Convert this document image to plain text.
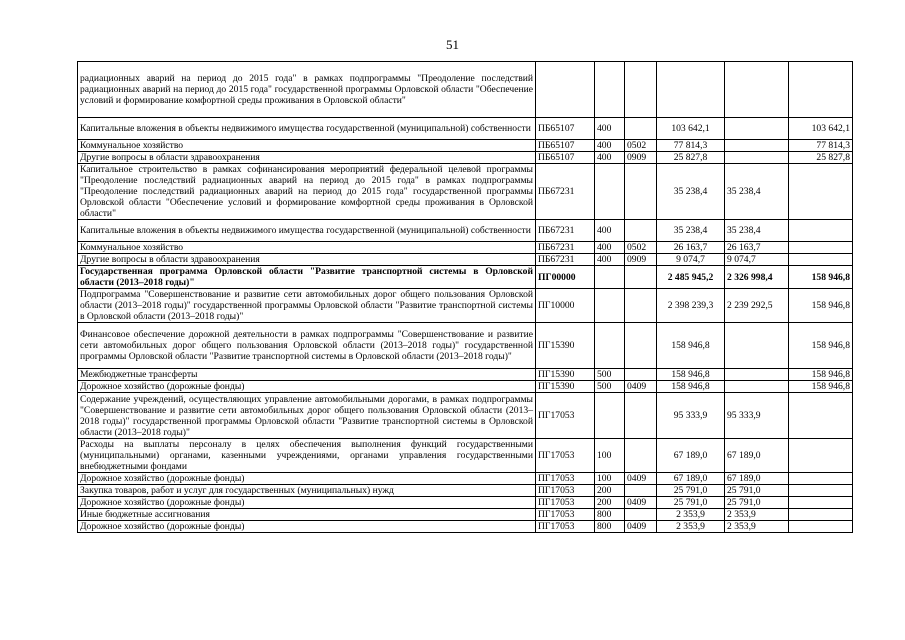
51
радиационных аварий на период до 2015 года" в рамках подпрограммы "Преодоление последствий радиационных аварий на период до 2015 года" государственной программы Орловской области "Обеспечение условий и формирование комфортной среды проживания в Орловской области"						
Капитальные вложения в объекты недвижимого имущества государственной (муниципальной) собственности	ПБ65107	400		103 642,1		103 642,1
Коммунальное хозяйство	ПБ65107	400	0502	77 814,3		77 814,3
Другие вопросы в области здравоохранения	ПБ65107	400	0909	25 827,8		25 827,8
Капитальное строительство в рамках софинансирования мероприятий федеральной целевой программы "Преодоление последствий радиационных аварий на период до 2015 года" в рамках подпрограммы "Преодоление последствий радиационных аварий на период до 2015 года" государственной программы Орловской области "Обеспечение условий и формирование комфортной среды проживания в Орловской области"	ПБ67231			35 238,4	35 238,4	
Капитальные вложения в объекты недвижимого имущества государственной (муниципальной) собственности	ПБ67231	400		35 238,4	35 238,4	
Коммунальное хозяйство	ПБ67231	400	0502	26 163,7	26 163,7	
Другие вопросы в области здравоохранения	ПБ67231	400	0909	9 074,7	9 074,7	
Государственная программа Орловской области "Развитие транспортной системы в Орловской области (2013–2018 годы)"	ПГ00000			2 485 945,2	2 326 998,4	158 946,8
Подпрограмма "Совершенствование и развитие сети автомобильных дорог общего пользования Орловской области (2013–2018 годы)" государственной программы Орловской области "Развитие транспортной системы в Орловской области (2013–2018 годы)"	ПГ10000			2 398 239,3	2 239 292,5	158 946,8
Финансовое обеспечение дорожной деятельности в рамках подпрограммы "Совершенствование и развитие сети автомобильных дорог общего пользования Орловской области (2013–2018 годы)" государственной программы Орловской области "Развитие транспортной системы в Орловской области (2013–2018 годы)"	ПГ15390			158 946,8		158 946,8
Межбюджетные трансферты	ПГ15390	500		158 946,8		158 946,8
Дорожное хозяйство (дорожные фонды)	ПГ15390	500	0409	158 946,8		158 946,8
Содержание учреждений, осуществляющих управление автомобильными дорогами, в рамках подпрограммы "Совершенствование и развитие сети автомобильных дорог общего пользования Орловской области (2013–2018 годы)" государственной программы Орловской области "Развитие транспортной системы в Орловской области (2013–2018 годы)"	ПГ17053			95 333,9	95 333,9	
Расходы на выплаты персоналу в целях обеспечения выполнения функций государственными (муниципальными) органами, казенными учреждениями, органами управления государственными внебюджетными фондами	ПГ17053	100		67 189,0	67 189,0	
Дорожное хозяйство (дорожные фонды)	ПГ17053	100	0409	67 189,0	67 189,0	
Закупка товаров, работ и услуг для государственных (муниципальных) нужд	ПГ17053	200		25 791,0	25 791,0	
Дорожное хозяйство (дорожные фонды)	ПГ17053	200	0409	25 791,0	25 791,0	
Иные бюджетные ассигнования	ПГ17053	800		2 353,9	2 353,9	
Дорожное хозяйство (дорожные фонды)	ПГ17053	800	0409	2 353,9	2 353,9	
